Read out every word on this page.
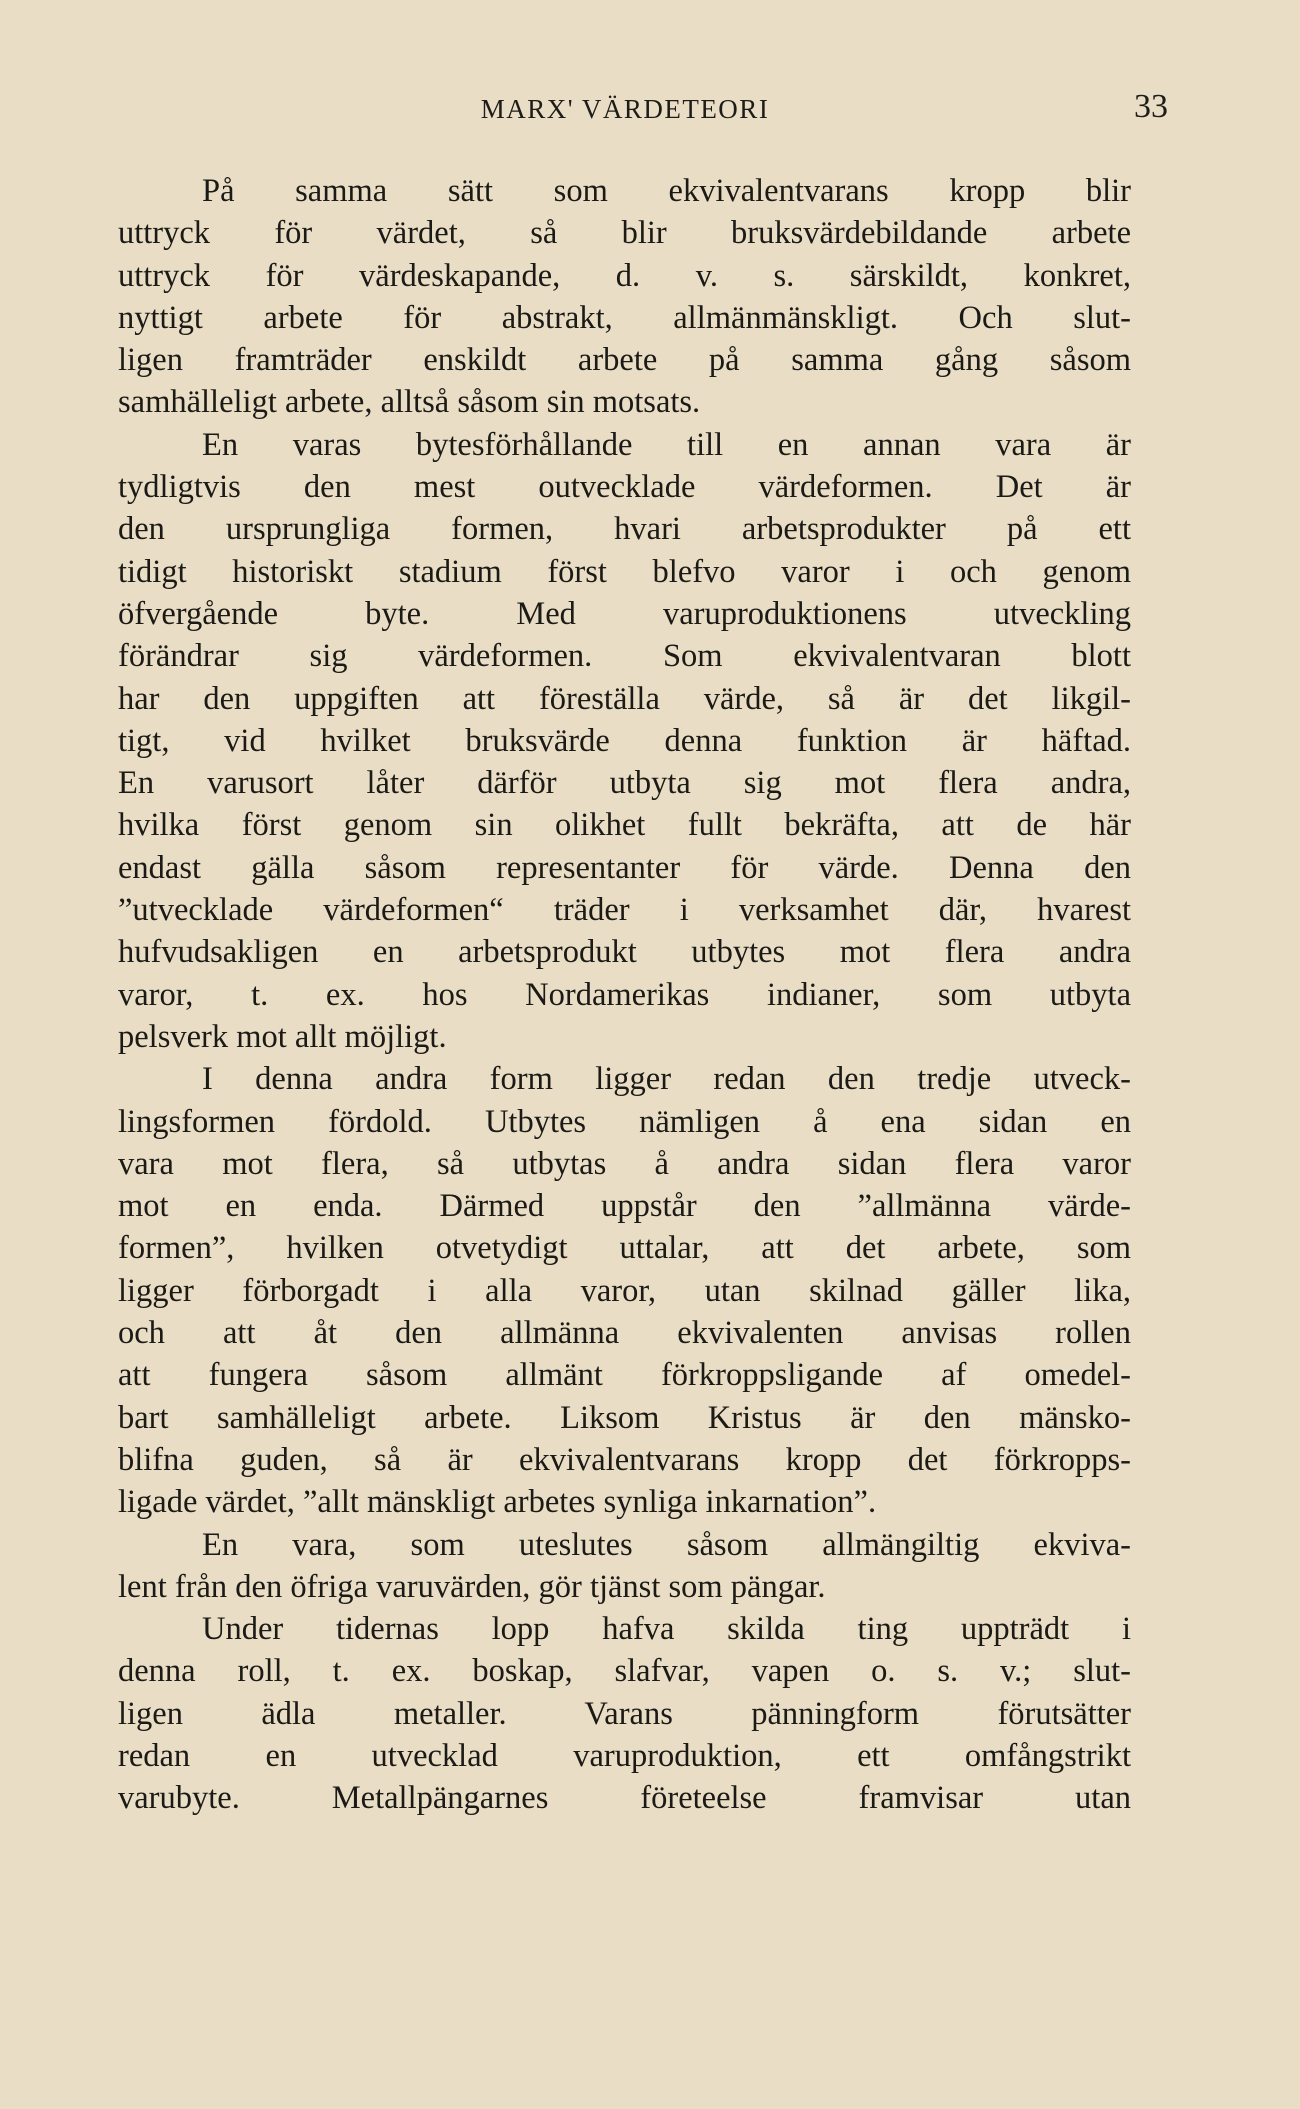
MARX' VÄRDETEORI	33
På samma sätt som ekvivalentvarans kropp blir
uttryck för värdet, så blir bruksvärdebildande arbete
uttryck för värdeskapande, d. v. s. särskildt, konkret,
nyttigt arbete för abstrakt, allmänmänskligt. Och slut-
ligen framträder enskildt arbete på samma gång såsom
samhälleligt arbete, alltså såsom sin motsats.
En varas bytesförhållande till en annan vara är
tydligtvis den mest outvecklade värdeformen. Det är
den ursprungliga formen, hvari arbetsprodukter på ett
tidigt historiskt stadium först blefvo varor i och genom
öfvergående byte. Med varuproduktionens utveckling
förändrar sig värdeformen. Som ekvivalentvaran blott
har den uppgiften att föreställa värde, så är det likgil-
tigt, vid hvilket bruksvärde denna funktion är häftad.
En varusort låter därför utbyta sig mot flera andra,
hvilka först genom sin olikhet fullt bekräfta, att de här
endast gälla såsom representanter för värde. Denna den
”utvecklade värdeformen“ träder i verksamhet där, hvarest
hufvudsakligen en arbetsprodukt utbytes mot flera andra
varor, t. ex. hos Nordamerikas indianer, som utbyta
pelsverk mot allt möjligt.
I denna andra form ligger redan den tredje utveck-
lingsformen fördold. Utbytes nämligen å ena sidan en
vara mot flera, så utbytas å andra sidan flera varor
mot en enda. Därmed uppstår den ”allmänna värde-
formen”, hvilken otvetydigt uttalar, att det arbete, som
ligger förborgadt i alla varor, utan skilnad gäller lika,
och att åt den allmänna ekvivalenten anvisas rollen
att fungera såsom allmänt förkroppsligande af omedel-
bart samhälleligt arbete. Liksom Kristus är den mänsko-
blifna guden, så är ekvivalentvarans kropp det förkropps-
ligade värdet, ”allt mänskligt arbetes synliga inkarnation”.
En vara, som uteslutes såsom allmängiltig ekviva-
lent från den öfriga varuvärden, gör tjänst som pängar.
Under tidernas lopp hafva skilda ting uppträdt i
denna roll, t. ex. boskap, slafvar, vapen o. s. v.; slut-
ligen ädla metaller. Varans pänningform förutsätter
redan en utvecklad varuproduktion, ett omfångstrikt
varubyte. Metallpängarnes företeelse framvisar utan
